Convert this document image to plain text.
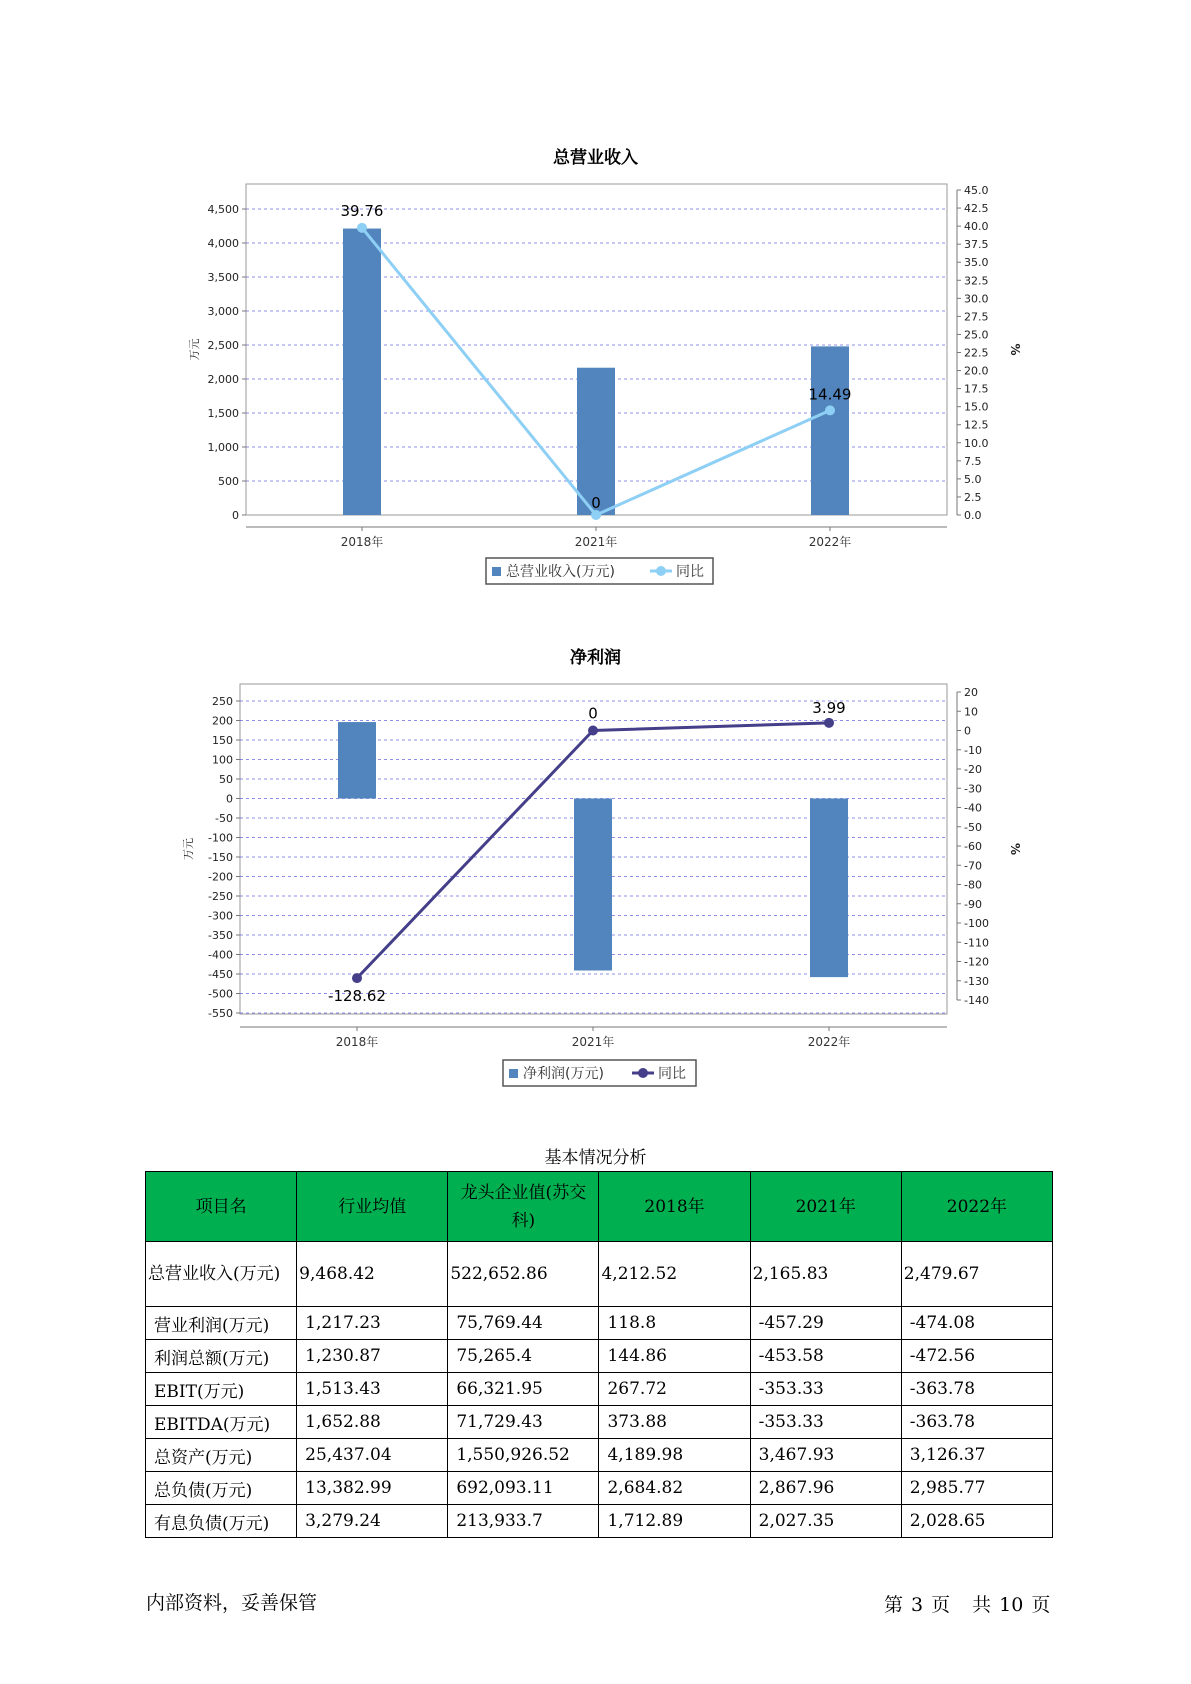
总营业收入
0
500
1,000
1,500
2,000
2,500
3,000
3,500
4,000
4,500
0.0
2.5
5.0
7.5
10.0
12.5
15.0
17.5
20.0
22.5
25.0
27.5
30.0
32.5
35.0
37.5
40.0
42.5
45.0
万元	%
2018年	2021年	2022年
39.76
0
14.49
总营业收入(万元)	同比
净利润
-550
-500
-450
-400
-350
-300
-250
-200
-150
-100
-50
0
50
100
150
200
250
-140
-130
-120
-110
-100
-90
-80
-70
-60
-50
-40
-30
-20
-10
0
10
20
万元	%
2018年	2021年	2022年
-128.62
0	3.99
净利润(万元)	同比
基本情况分析
项目名	行业均值	龙头企业值(苏交科)	2018年	2021年	2022年
总营业收入(万元)	9,468.42	522,652.86	4,212.52	2,165.83	2,479.67
营业利润(万元)	1,217.23	75,769.44	118.8	-457.29	-474.08
利润总额(万元)	1,230.87	75,265.4	144.86	-453.58	-472.56
EBIT(万元)	1,513.43	66,321.95	267.72	-353.33	-363.78
EBITDA(万元)	1,652.88	71,729.43	373.88	-353.33	-363.78
总资产(万元)	25,437.04	1,550,926.52	4,189.98	3,467.93	3,126.37
总负债(万元)	13,382.99	692,093.11	2,684.82	2,867.96	2,985.77
有息负债(万元)	3,279.24	213,933.7	1,712.89	2,027.35	2,028.65
内部资料，妥善保管	第 3 页 共 10 页
